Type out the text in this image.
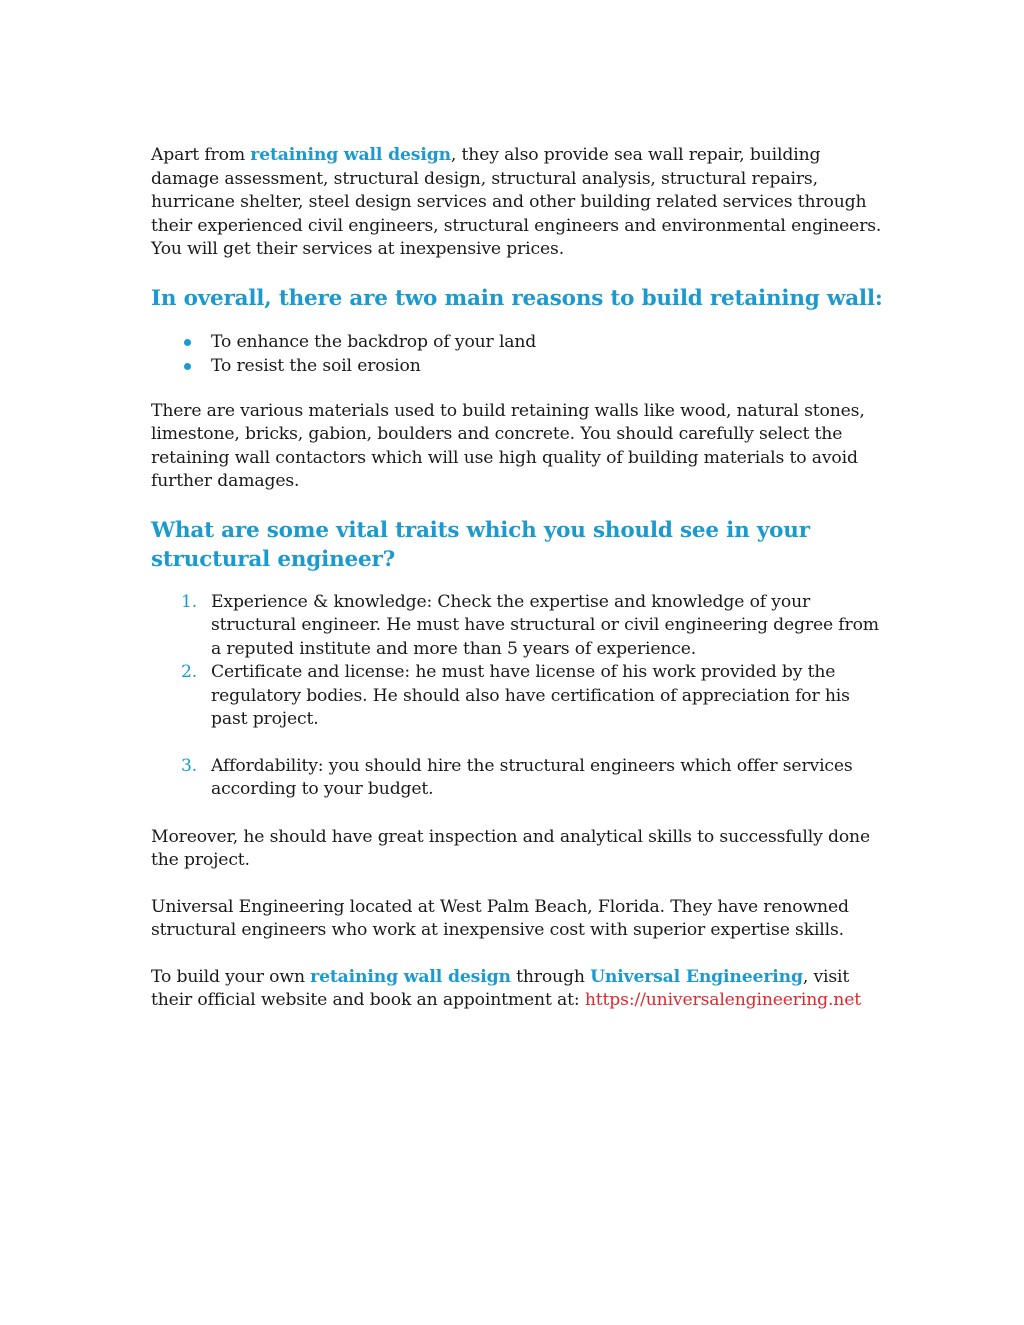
Apart from retaining wall design, they also provide sea wall repair, building damage assessment, structural design, structural analysis, structural repairs, hurricane shelter, steel design services and other building related services through their experienced civil engineers, structural engineers and environmental engineers. You will get their services at inexpensive prices.

In overall, there are two main reasons to build retaining wall:
To enhance the backdrop of your land
To resist the soil erosion

There are various materials used to build retaining walls like wood, natural stones, limestone, bricks, gabion, boulders and concrete. You should carefully select the retaining wall contactors which will use high quality of building materials to avoid further damages.

What are some vital traits which you should see in your structural engineer?
1. Experience & knowledge: Check the expertise and knowledge of your structural engineer. He must have structural or civil engineering degree from a reputed institute and more than 5 years of experience.
2. Certificate and license: he must have license of his work provided by the regulatory bodies. He should also have certification of appreciation for his past project.
3. Affordability: you should hire the structural engineers which offer services according to your budget.

Moreover, he should have great inspection and analytical skills to successfully done the project.

Universal Engineering located at West Palm Beach, Florida. They have renowned structural engineers who work at inexpensive cost with superior expertise skills.

To build your own retaining wall design through Universal Engineering, visit their official website and book an appointment at: https://universalengineering.net
